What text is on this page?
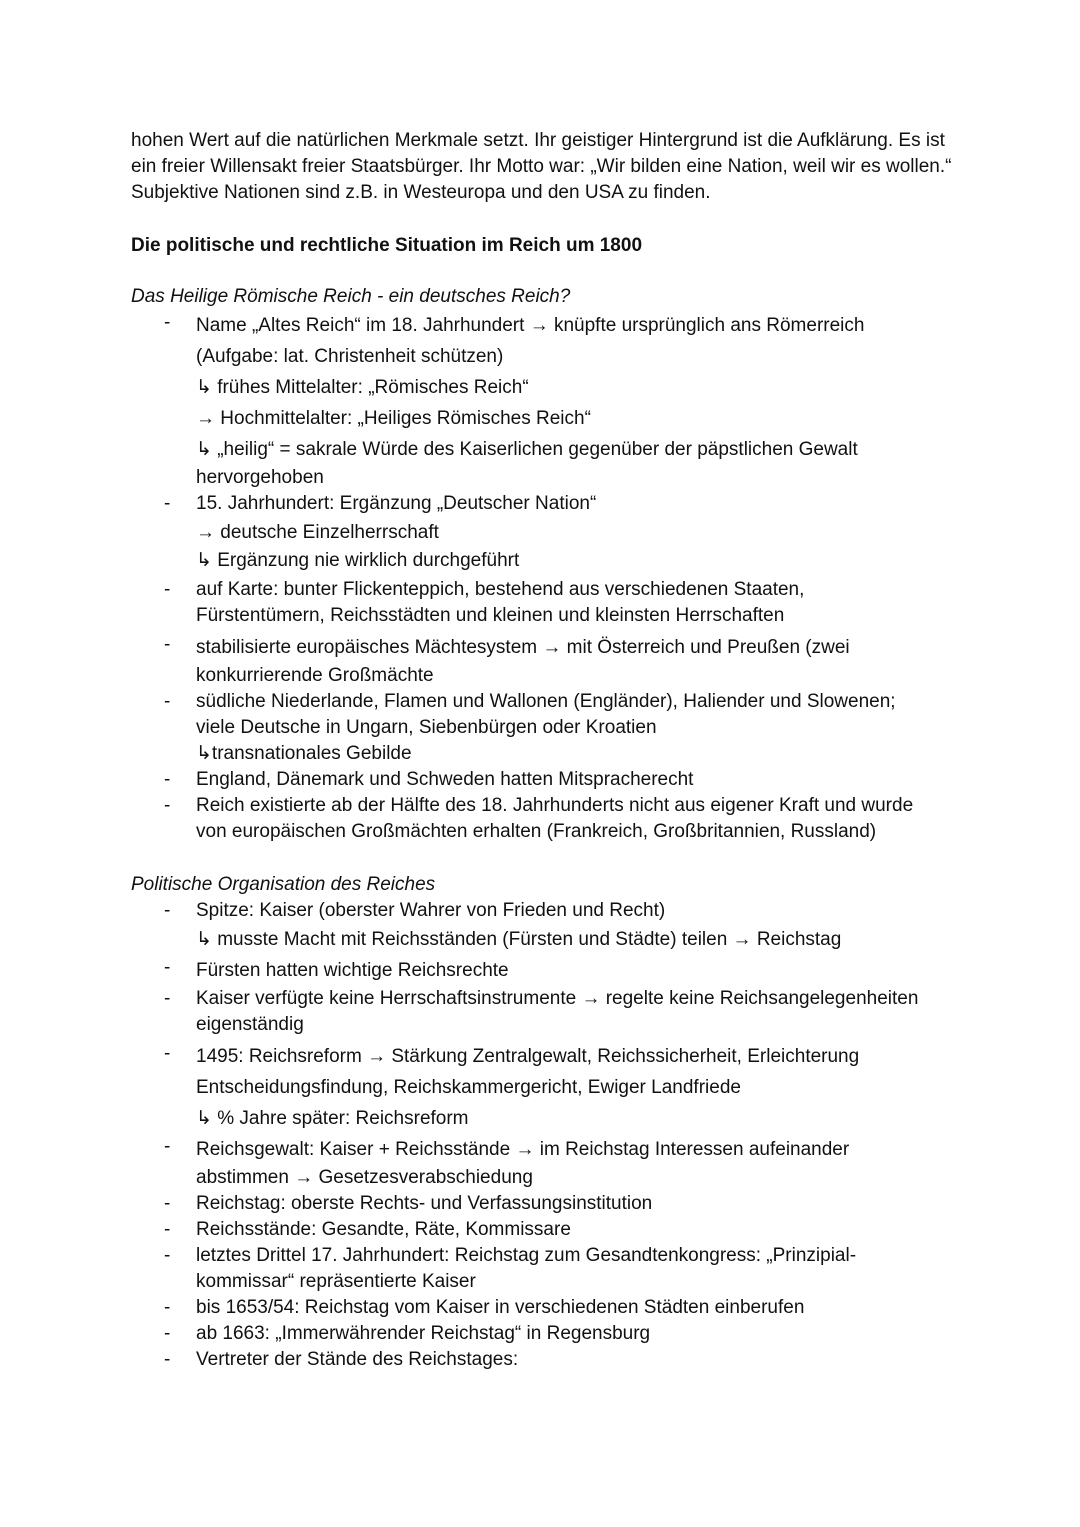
hohen Wert auf die natürlichen Merkmale setzt. Ihr geistiger Hintergrund ist die Aufklärung. Es ist ein freier Willensakt freier Staatsbürger. Ihr Motto war: „Wir bilden eine Nation, weil wir es wollen.“ Subjektive Nationen sind z.B. in Westeuropa und den USA zu finden.

Die politische und rechtliche Situation im Reich um 1800

Das Heilige Römische Reich - ein deutsches Reich?

- Name „Altes Reich“ im 18. Jahrhundert → knüpfte ursprünglich ans Römerreich
(Aufgabe: lat. Christenheit schützen)
↳ frühes Mittelalter: „Römisches Reich“
→ Hochmittelalter: „Heiliges Römisches Reich“
↳ „heilig“ = sakrale Würde des Kaiserlichen gegenüber der päpstlichen Gewalt
hervorgehoben
- 15. Jahrhundert: Ergänzung „Deutscher Nation“
→ deutsche Einzelherrschaft
↳ Ergänzung nie wirklich durchgeführt
- auf Karte: bunter Flickenteppich, bestehend aus verschiedenen Staaten,
Fürstentümern, Reichsstädten und kleinen und kleinsten Herrschaften
- stabilisierte europäisches Mächtesystem → mit Österreich und Preußen (zwei
konkurrierende Großmächte
- südliche Niederlande, Flamen und Wallonen (Engländer), Haliender und Slowenen;
viele Deutsche in Ungarn, Siebenbürgen oder Kroatien
↳transnationales Gebilde
- England, Dänemark und Schweden hatten Mitspracherecht
- Reich existierte ab der Hälfte des 18. Jahrhunderts nicht aus eigener Kraft und wurde
von europäischen Großmächten erhalten (Frankreich, Großbritannien, Russland)

Politische Organisation des Reiches

- Spitze: Kaiser (oberster Wahrer von Frieden und Recht)
↳ musste Macht mit Reichsständen (Fürsten und Städte) teilen → Reichstag
- Fürsten hatten wichtige Reichsrechte
- Kaiser verfügte keine Herrschaftsinstrumente → regelte keine Reichsangelegenheiten
eigenständig
- 1495: Reichsreform → Stärkung Zentralgewalt, Reichssicherheit, Erleichterung
Entscheidungsfindung, Reichskammergericht, Ewiger Landfriede
↳ % Jahre später: Reichsreform
- Reichsgewalt: Kaiser + Reichsstände → im Reichstag Interessen aufeinander
abstimmen → Gesetzesverabschiedung
- Reichstag: oberste Rechts- und Verfassungsinstitution
- Reichsstände: Gesandte, Räte, Kommissare
- letztes Drittel 17. Jahrhundert: Reichstag zum Gesandtenkongress: „Prinzipial-
kommissar“ repräsentierte Kaiser
- bis 1653/54: Reichstag vom Kaiser in verschiedenen Städten einberufen
- ab 1663: „Immerwährender Reichstag“ in Regensburg
- Vertreter der Stände des Reichstages:
